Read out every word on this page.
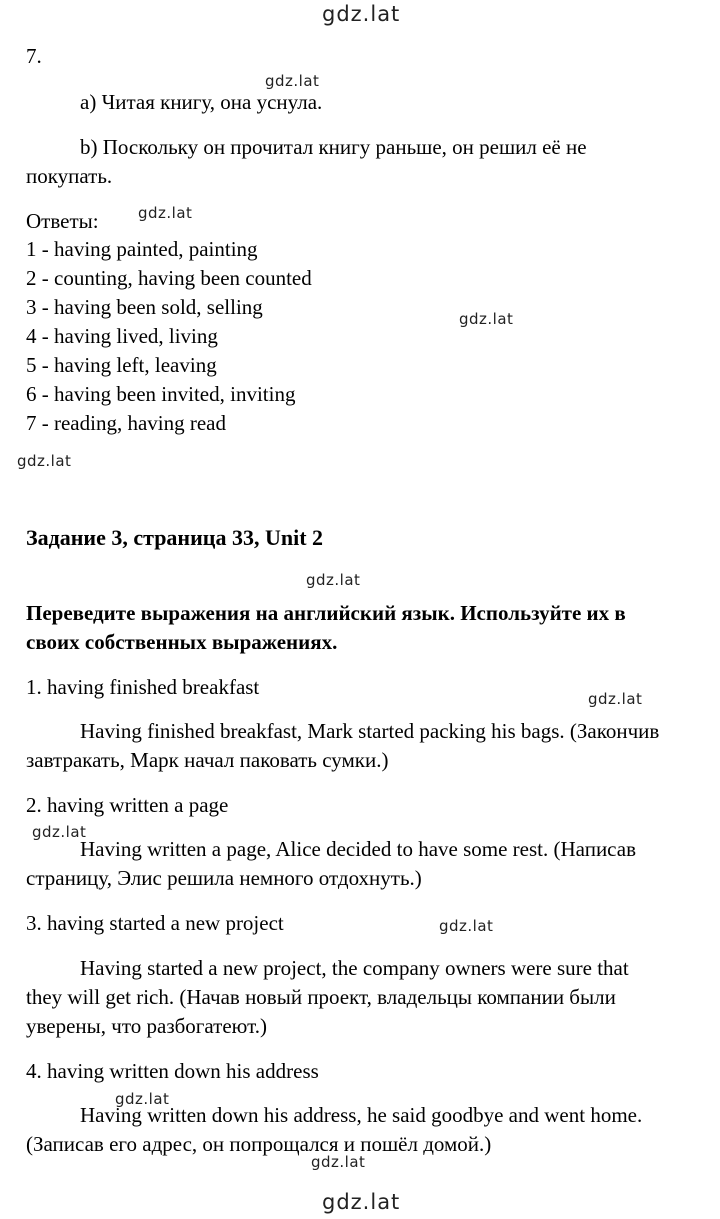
gdz.lat
gdz.lat
gdz.lat
gdz.lat
gdz.lat
gdz.lat
gdz.lat
gdz.lat
gdz.lat
gdz.lat
gdz.lat
gdz.lat

7.

a) Читая книгу, она уснула.

b) Поскольку он прочитал книгу раньше, он решил её не

покупать.

Ответы:

1 - having painted, painting

2 - counting, having been counted

3 - having been sold, selling

4 - having lived, living

5 - having left, leaving

6 - having been invited, inviting

7 - reading, having read

Задание 3, страница 33, Unit 2

Переведите выражения на английский язык. Используйте их в

своих собственных выражениях.

1. having finished breakfast

Having finished breakfast, Mark started packing his bags. (Закончив

завтракать, Марк начал паковать сумки.)

2. having written a page

Having written a page, Alice decided to have some rest. (Написав

страницу, Элис решила немного отдохнуть.)

3. having started a new project

Having started a new project, the company owners were sure that

they will get rich. (Начав новый проект, владельцы компании были

уверены, что разбогатеют.)

4. having written down his address

Having written down his address, he said goodbye and went home.

(Записав его адрес, он попрощался и пошёл домой.)
